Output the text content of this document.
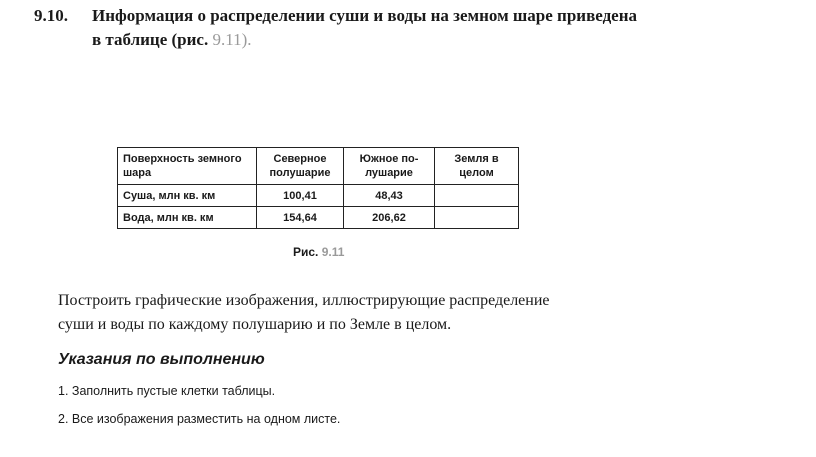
9.10. Информация о распределении суши и воды на земном шаре приведена
в таблице (рис. 9.11).
Поверхность земного шара	Северное полушарие	Южное по-лушарие	Земля в целом
Суша, млн кв. км	100,41	48,43	
Вода, млн кв. км	154,64	206,62	
Рис. 9.11
Построить графические изображения, иллюстрирующие распределение
суши и воды по каждому полушарию и по Земле в целом.
Указания по выполнению
1. Заполнить пустые клетки таблицы.
2. Все изображения разместить на одном листе.
